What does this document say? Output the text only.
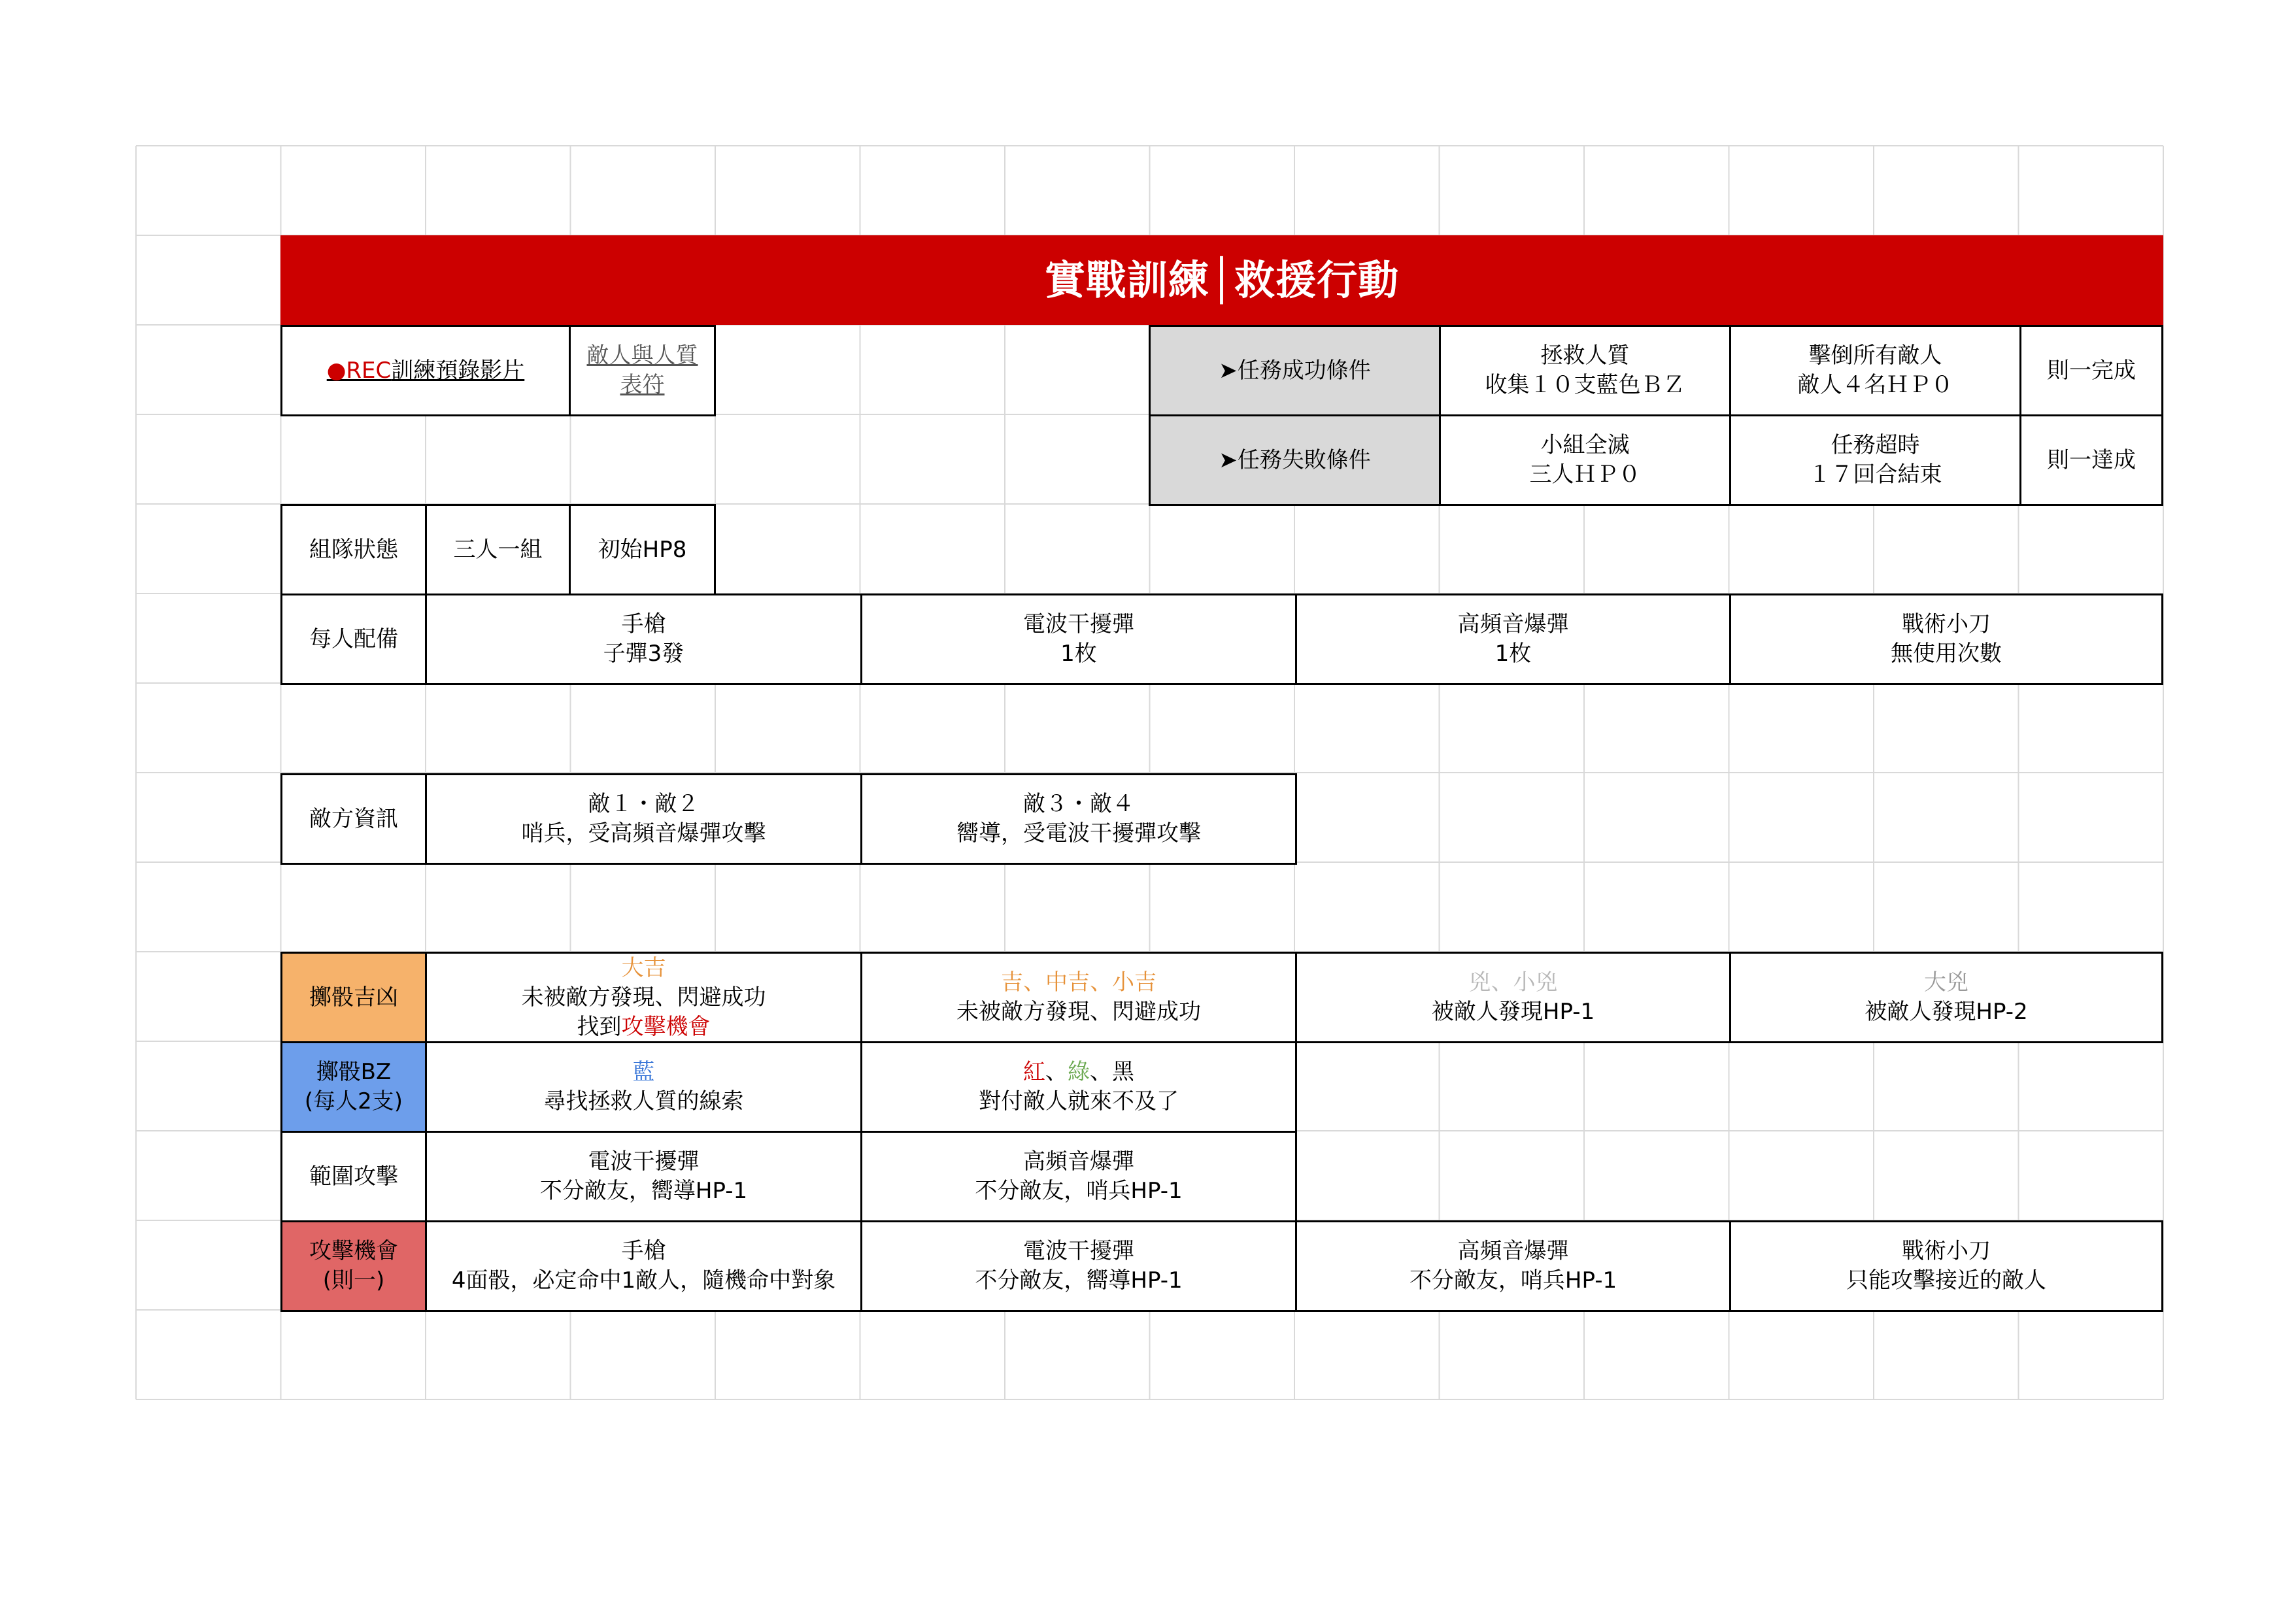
實戰訓練│救援行動
●REC訓練預錄影片
敵人與人質
表符
➤任務成功條件
拯救人質
收集１０支藍色ＢＺ
擊倒所有敵人
敵人４名ＨＰ０
則一完成
➤任務失敗條件
小組全滅
三人ＨＰ０
任務超時
１７回合結束
則一達成
組隊狀態	三人一組	初始HP8
每人配備
手槍
子彈3發
電波干擾彈
1枚
高頻音爆彈
1枚
戰術小刀
無使用次數
敵方資訊
敵１・敵２
哨兵，受高頻音爆彈攻擊
敵３・敵４
嚮導，受電波干擾彈攻擊
擲骰吉凶
大吉
未被敵方發現、閃避成功
找到攻擊機會
吉、中吉、小吉
未被敵方發現、閃避成功
兇、小兇
被敵人發現HP-1
大兇
被敵人發現HP-2
擲骰BZ
(每人2支)
藍
尋找拯救人質的線索
紅、綠、黑
對付敵人就來不及了
範圍攻擊
電波干擾彈
不分敵友，嚮導HP-1
高頻音爆彈
不分敵友，哨兵HP-1
攻擊機會
(則一)
手槍
4面骰，必定命中1敵人，隨機命中對象
電波干擾彈
不分敵友，嚮導HP-1
高頻音爆彈
不分敵友，哨兵HP-1
戰術小刀
只能攻擊接近的敵人
